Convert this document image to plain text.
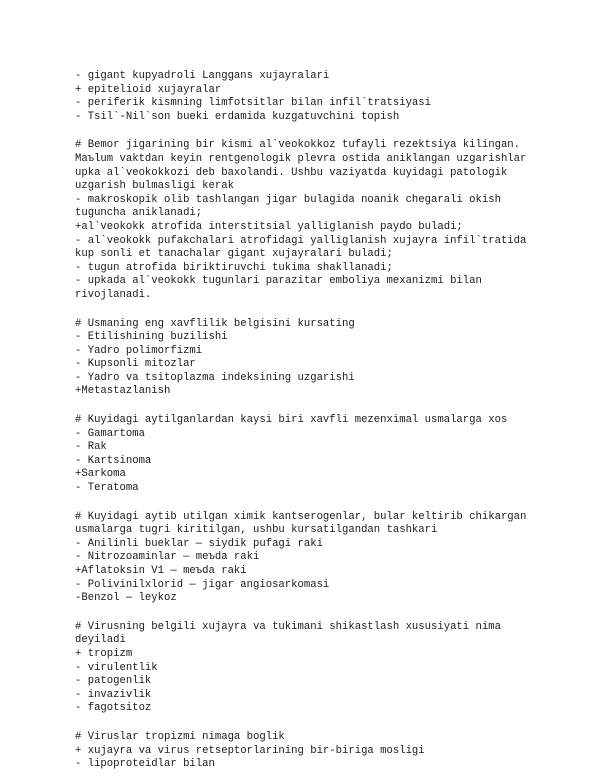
- gigant kupyadroli Langgans xujayralari
+ epitelioid xujayralar
- periferik kismning limfotsitlar bilan infil`tratsiyasi
- Tsil`-Nil`son bueki erdamida kuzgatuvchini topish
# Bemor jigarining bir kismi al`veokokkoz tufayli rezektsiya kilingan.
Maъlum vaktdan keyin rentgenologik plevra ostida aniklangan uzgarishlar
upka al`veokokkozi deb baxolandi. Ushbu vaziyatda kuyidagi patologik
uzgarish bulmasligi kerak
- makroskopik olib tashlangan jigar bulagida noanik chegarali okish
tuguncha aniklanadi;
+al`veokokk atrofida interstitsial yalliglanish paydo buladi;
- al`veokokk pufakchalari atrofidagi yalliglanish xujayra infil`tratida
kup sonli et tanachalar gigant xujayralari buladi;
- tugun atrofida biriktiruvchi tukima shakllanadi;
- upkada al`veokokk tugunlari parazitar emboliya mexanizmi bilan
rivojlanadi.
# Usmaning eng xavflilik belgisini kursating
- Etilishining buzilishi
- Yadro polimorfizmi
- Kupsonli mitozlar
- Yadro va tsitoplazma indeksining uzgarishi
+Metastazlanish
# Kuyidagi aytilganlardan kaysi biri xavfli mezenximal usmalarga xos
- Gamartoma
- Rak
- Kartsinoma
+Sarkoma
- Teratoma
# Kuyidagi aytib utilgan ximik kantserogenlar, bular keltirib chikargan
usmalarga tugri kiritilgan, ushbu kursatilgandan tashkari
- Anilinli bueklar — siydik pufagi raki
- Nitrozoaminlar — meъda raki
+Aflatoksin V1 — meъda raki
- Polivinilxlorid — jigar angiosarkomasi
-Benzol — leykoz
# Virusning belgili xujayra va tukimani shikastlash xususiyati nima
deyiladi
+ tropizm
- virulentlik
- patogenlik
- invazivlik
- fagotsitoz
# Viruslar tropizmi nimaga boglik
+ xujayra va virus retseptorlarining bir-biriga mosligi
- lipoproteidlar bilan
